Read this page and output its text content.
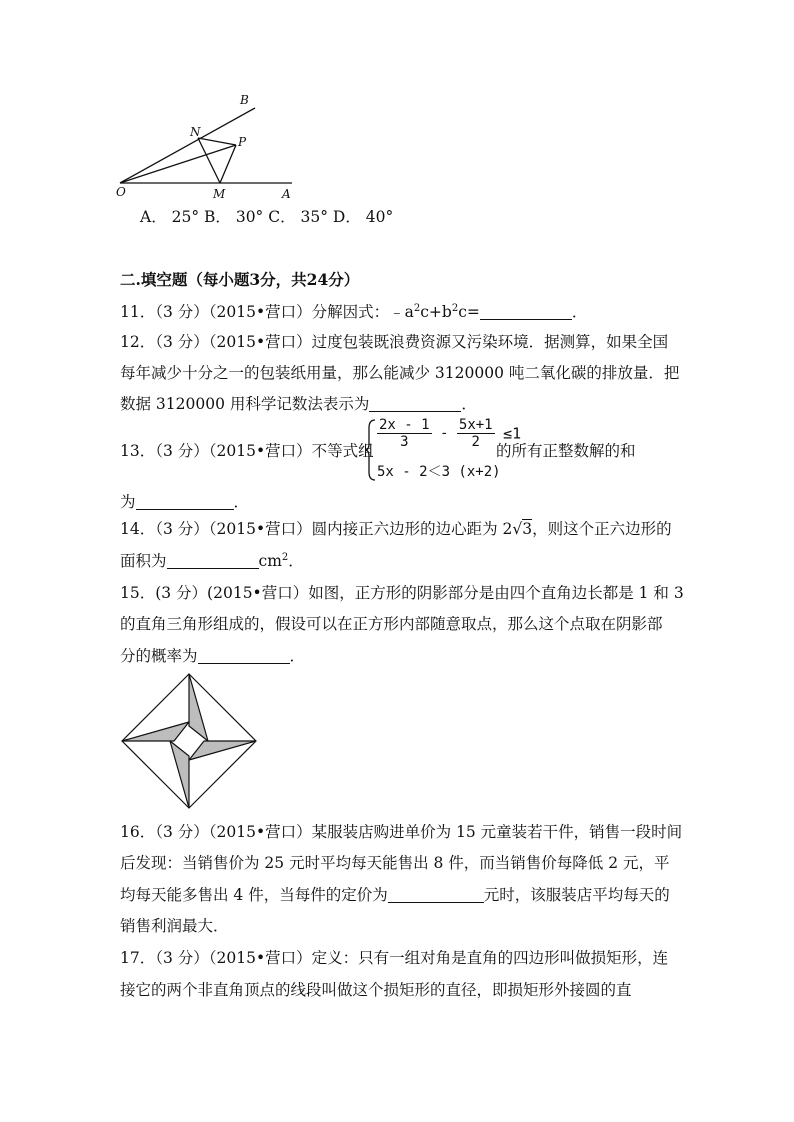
B
N
P
O	M	A
A． 25° B． 30° C． 35° D． 40°
二.填空题（每小题3分，共24分）
11．（3 分）（2015•营口）分解因式：$﹣a^2c+b^2c=$	．
12．（3 分）（2015•营口）过度包装既浪费资源又污染环境．据测算，如果全国
每年减少十分之一的包装纸用量，那么能减少 3120000 吨二氧化碳的排放量．把
数据 3120000 用科学记数法表示为	．
13．（3 分）（2015•营口）不等式组
$\frac{2x - 1}{3} - \frac{5x+1}{2} \le 1$
5x - 2＜3 (x+2)
的所有正整数解的和
为	．
14．（3 分）（2015•营口）圆内接正六边形的边心距为 2√3，则这个正六边形的
面积为	$cm^2$．
15．(3 分）(2015•营口）如图，正方形的阴影部分是由四个直角边长都是 1 和 3
的直角三角形组成的，假设可以在正方形内部随意取点，那么这个点取在阴影部
分的概率为	．
16．（3 分）（2015•营口）某服装店购进单价为 15 元童装若干件，销售一段时间
后发现：当销售价为 25 元时平均每天能售出 8 件，而当销售价每降低 2 元，平
均每天能多售出 4 件，当每件的定价为	元时，该服装店平均每天的
销售利润最大．
17．（3 分）（2015•营口）定义：只有一组对角是直角的四边形叫做损矩形，连
接它的两个非直角顶点的线段叫做这个损矩形的直径，即损矩形外接圆的直
